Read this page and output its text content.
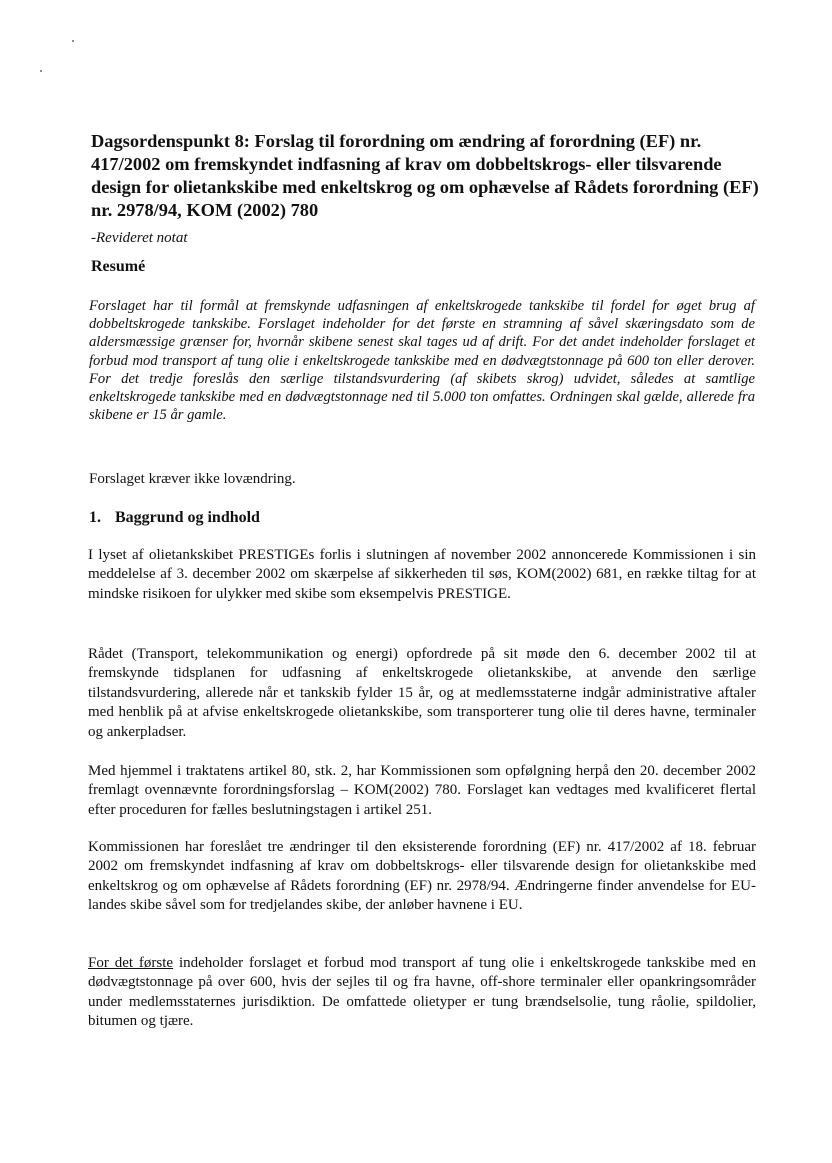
Dagsordenspunkt 8: Forslag til forordning om ændring af forordning (EF) nr. 417/2002 om fremskyndet indfasning af krav om dobbeltskrogs- eller tilsvarende design for olietankskibe med enkeltskrog og om ophævelse af Rådets forordning (EF) nr. 2978/94, KOM (2002) 780
-Revideret notat
Resumé

Forslaget har til formål at fremskynde udfasningen af enkeltskrogede tankskibe til fordel for øget brug af dobbeltskrogede tankskibe. Forslaget indeholder for det første en stramning af såvel skæringsdato som de aldersmæssige grænser for, hvornår skibene senest skal tages ud af drift. For det andet indeholder forslaget et forbud mod transport af tung olie i enkeltskrogede tankskibe med en dødvægtstonnage på 600 ton eller derover. For det tredje foreslås den særlige tilstandsvurdering (af skibets skrog) udvidet, således at samtlige enkeltskrogede tankskibe med en dødvægtstonnage ned til 5.000 ton omfattes. Ordningen skal gælde, allerede fra skibene er 15 år gamle.

Forslaget kræver ikke lovændring.
1. Baggrund og indhold

I lyset af olietankskibet PRESTIGEs forlis i slutningen af november 2002 annoncerede Kommissionen i sin meddelelse af 3. december 2002 om skærpelse af sikkerheden til søs, KOM(2002) 681, en række tiltag for at mindske risikoen for ulykker med skibe som eksempelvis PRESTIGE.

Rådet (Transport, telekommunikation og energi) opfordrede på sit møde den 6. december 2002 til at fremskynde tidsplanen for udfasning af enkeltskrogede olietankskibe, at anvende den særlige tilstandsvurdering, allerede når et tankskib fylder 15 år, og at medlemsstaterne indgår administrative aftaler med henblik på at afvise enkeltskrogede olietankskibe, som transporterer tung olie til deres havne, terminaler og ankerpladser.

Med hjemmel i traktatens artikel 80, stk. 2, har Kommissionen som opfølgning herpå den 20. december 2002 fremlagt ovennævnte forordningsforslag – KOM(2002) 780. Forslaget kan vedtages med kvalificeret flertal efter proceduren for fælles beslutningstagen i artikel 251.

Kommissionen har foreslået tre ændringer til den eksisterende forordning (EF) nr. 417/2002 af 18. februar 2002 om fremskyndet indfasning af krav om dobbeltskrogs- eller tilsvarende design for olietankskibe med enkeltskrog og om ophævelse af Rådets forordning (EF) nr. 2978/94. Ændringerne finder anvendelse for EU-landes skibe såvel som for tredjelandes skibe, der anløber havnene i EU.

For det første indeholder forslaget et forbud mod transport af tung olie i enkeltskrogede tankskibe med en dødvægtstonnage på over 600, hvis der sejles til og fra havne, off-shore terminaler eller opankringsområder under medlemsstaternes jurisdiktion. De omfattede olietyper er tung brændselsolie, tung råolie, spildolier, bitumen og tjære.
